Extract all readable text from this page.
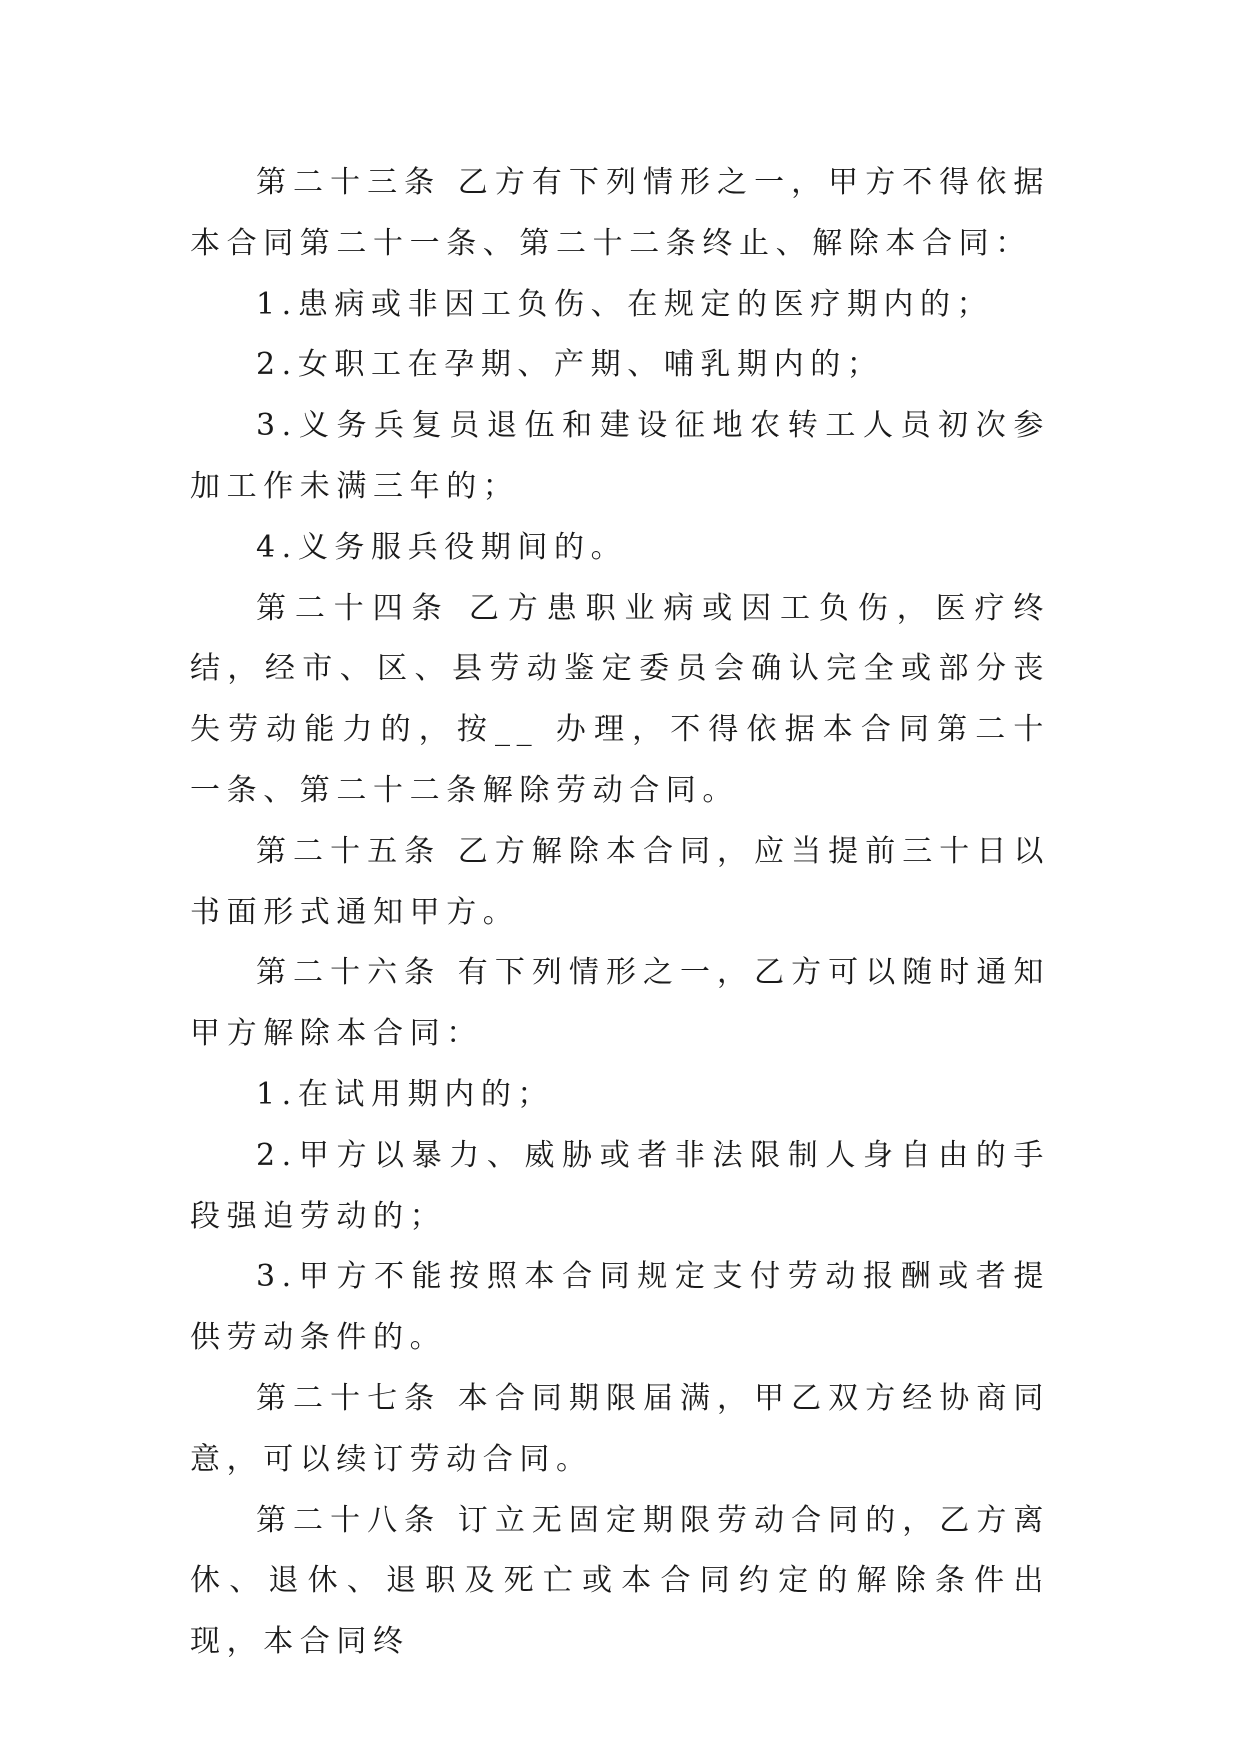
第二十三条 乙方有下列情形之一，甲方不得依据本合同第二十一条、第二十二条终止、解除本合同：

1.患病或非因工负伤、在规定的医疗期内的；

2.女职工在孕期、产期、哺乳期内的；

3.义务兵复员退伍和建设征地农转工人员初次参加工作未满三年的；

4.义务服兵役期间的。

第二十四条 乙方患职业病或因工负伤，医疗终结，经市、区、县劳动鉴定委员会确认完全或部分丧失劳动能力的，按__ 办理，不得依据本合同第二十一条、第二十二条解除劳动合同。

第二十五条 乙方解除本合同，应当提前三十日以书面形式通知甲方。

第二十六条 有下列情形之一，乙方可以随时通知甲方解除本合同：

1.在试用期内的；

2.甲方以暴力、威胁或者非法限制人身自由的手段强迫劳动的；

3.甲方不能按照本合同规定支付劳动报酬或者提供劳动条件的。

第二十七条 本合同期限届满，甲乙双方经协商同意，可以续订劳动合同。

第二十八条 订立无固定期限劳动合同的，乙方离休、退休、退职及死亡或本合同约定的解除条件出现，本合同终
